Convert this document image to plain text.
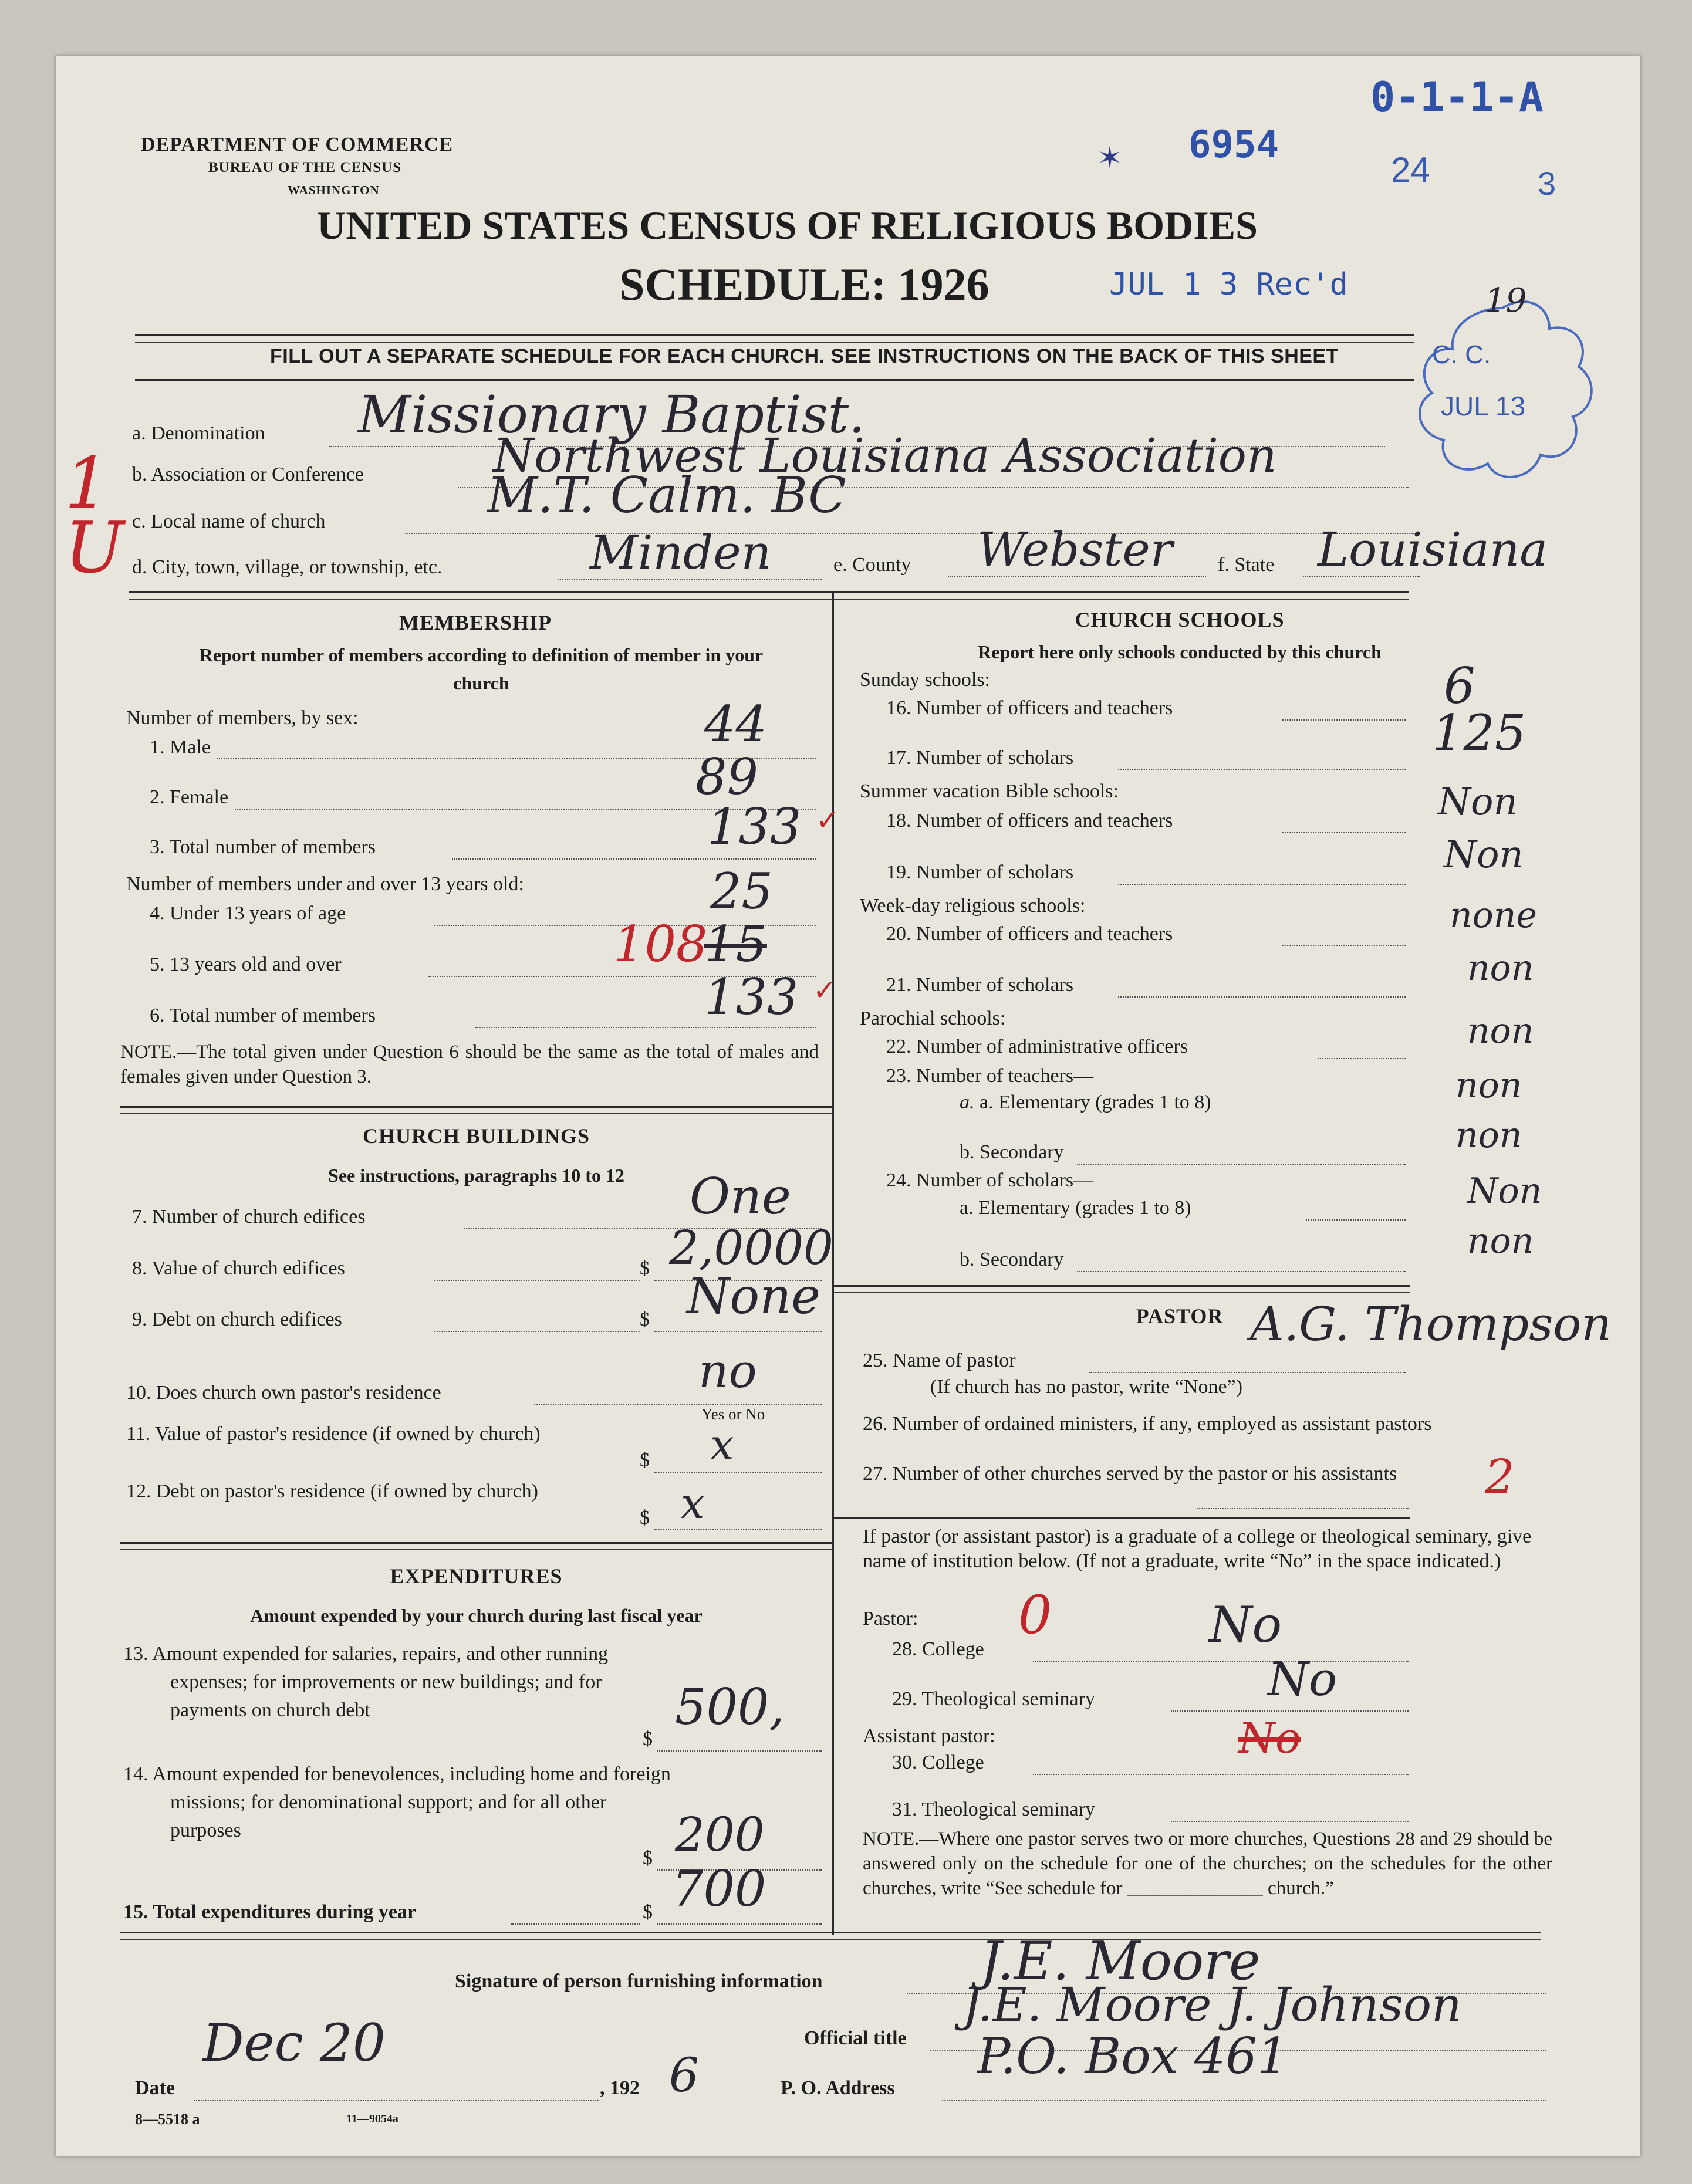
DEPARTMENT OF COMMERCE
BUREAU OF THE CENSUS
WASHINGTON
0-1-1-A
24	3
6954
✶
UNITED STATES CENSUS OF RELIGIOUS BODIES
SCHEDULE: 1926	JUL 1 3 Rec'd
C. C.
JUL 13
19
FILL OUT A SEPARATE SCHEDULE FOR EACH CHURCH. SEE INSTRUCTIONS ON THE BACK OF THIS SHEET
a. Denomination Missionary Baptist.
b. Association or Conference	Northwest Louisiana Association
c. Local name of church	M.T. Calm. BC
d. City, town, village, or township, etc.	Minden	e. County Webster f. State Louisiana
1 U
MEMBERSHIP
Report number of members according to definition of member in your church
Number of members, by sex:
1. Male	44
2. Female	89
3. Total number of members	133 ✓
Number of members under and over 13 years old:
4. Under 13 years of age	25
5. 13 years old and over	108
15
6. Total number of members	133 ✓
NOTE.—The total given under Question 6 should be the same as the total of males and females given under Question 3.
CHURCH BUILDINGS
See instructions, paragraphs 10 to 12
7. Number of church edifices	One
8. Value of church edifices	$ 2,0000
9. Debt on church edifices	$ None
10. Does church own pastor's residence	no
Yes or No
11. Value of pastor's residence (if owned by church)
$ x
12. Debt on pastor's residence (if owned by church)
$ x
EXPENDITURES
Amount expended by your church during last fiscal year
13. Amount expended for salaries, repairs, and other running expenses; for improvements or new buildings; and for payments on church debt
$
500,
14. Amount expended for benevolences, including home and foreign missions; for denominational support; and for all other purposes
$ 200
15. Total expenditures during year	$ 700
CHURCH SCHOOLS
Report here only schools conducted by this church
Sunday schools:
16. Number of officers and teachers	6
17. Number of scholars	125
Summer vacation Bible schools:
18. Number of officers and teachers	Non
19. Number of scholars	Non
Week-day religious schools:
20. Number of officers and teachers	none
21. Number of scholars	non
Parochial schools:
22. Number of administrative officers	non
23. Number of teachers—
a. a. Elementary (grades 1 to 8)	non
b. Secondary	non
24. Number of scholars—
a. Elementary (grades 1 to 8)	Non
b. Secondary	non
PASTOR
25. Name of pastor
A.G. Thompson
(If church has no pastor, write “None”)
26. Number of ordained ministers, if any, employed as assistant pastors
27. Number of other churches served by the pastor or his assistants	2
If pastor (or assistant pastor) is a graduate of a college or theological seminary, give name of institution below. (If not a graduate, write “No” in the space indicated.)
Pastor: 0
28. College	No
29. Theological seminary	No
Assistant pastor:
30. College	No
31. Theological seminary
NOTE.—Where one pastor serves two or more churches, Questions 28 and 29 should be answered only on the schedule for one of the churches; on the schedules for the other churches, write “See schedule for ______________ church.”
Signature of person furnishing information	J.E. Moore
Official title
J.E. Moore J. Johnson
Date
Dec 20
, 192 6	P. O. Address
P.O. Box 461
8—5518 a	11—9054a
